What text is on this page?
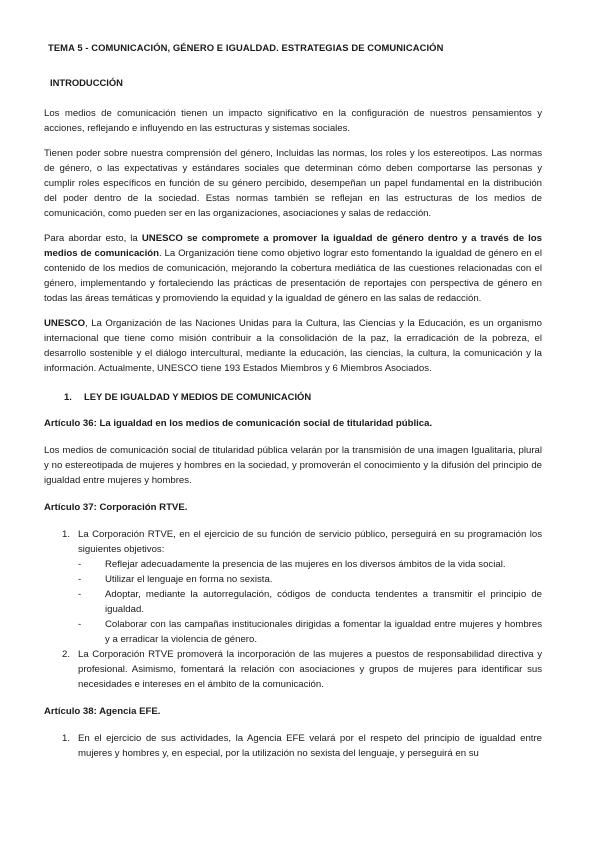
TEMA 5 - COMUNICACIÓN, GÉNERO E IGUALDAD. ESTRATEGIAS DE COMUNICACIÓN
INTRODUCCIÓN

Los medios de comunicación tienen un impacto significativo en la configuración de nuestros pensamientos y acciones, reflejando e influyendo en las estructuras y sistemas sociales.

Tienen poder sobre nuestra comprensión del género, Incluidas las normas, los roles y los estereotipos. Las normas de género, o las expectativas y estándares sociales que determinan cómo deben comportarse las personas y cumplir roles específicos en función de su género percibido, desempeñan un papel fundamental en la distribución del poder dentro de la sociedad. Estas normas también se reflejan en las estructuras de los medios de comunicación, como pueden ser en las organizaciones, asociaciones y salas de redacción.

Para abordar esto, la UNESCO se compromete a promover la igualdad de género dentro y a través de los medios de comunicación. La Organización tiene como objetivo lograr esto fomentando la igualdad de género en el contenido de los medios de comunicación, mejorando la cobertura mediática de las cuestiones relacionadas con el género, implementando y fortaleciendo las prácticas de presentación de reportajes con perspectiva de género en todas las áreas temáticas y promoviendo la equidad y la igualdad de género en las salas de redacción.

UNESCO, La Organización de las Naciones Unidas para la Cultura, las Ciencias y la Educación, es un organismo internacional que tiene como misión contribuir a la consolidación de la paz, la erradicación de la pobreza, el desarrollo sostenible y el diálogo intercultural, mediante la educación, las ciencias, la cultura, la comunicación y la información. Actualmente, UNESCO tiene 193 Estados Miembros y 6 Miembros Asociados.

1. LEY DE IGUALDAD Y MEDIOS DE COMUNICACIÓN
Artículo 36: La igualdad en los medios de comunicación social de titularidad pública.

Los medios de comunicación social de titularidad pública velarán por la transmisión de una imagen Igualitaria, plural y no estereotipada de mujeres y hombres en la sociedad, y promoverán el conocimiento y la difusión del principio de igualdad entre mujeres y hombres.

Artículo 37: Corporación RTVE.
1. La Corporación RTVE, en el ejercicio de su función de servicio público, perseguirá en su programación los siguientes objetivos:
- Reflejar adecuadamente la presencia de las mujeres en los diversos ámbitos de la vida social.
- Utilizar el lenguaje en forma no sexista.
- Adoptar, mediante la autorregulación, códigos de conducta tendentes a transmitir el principio de igualdad.
- Colaborar con las campañas institucionales dirigidas a fomentar la igualdad entre mujeres y hombres y a erradicar la violencia de género.
2. La Corporación RTVE promoverá la incorporación de las mujeres a puestos de responsabilidad directiva y profesional. Asimismo, fomentará la relación con asociaciones y grupos de mujeres para identificar sus necesidades e intereses en el ámbito de la comunicación.
Artículo 38: Agencia EFE.
1. En el ejercicio de sus actividades, la Agencia EFE velará por el respeto del principio de igualdad entre mujeres y hombres y, en especial, por la utilización no sexista del lenguaje, y perseguirá en su
